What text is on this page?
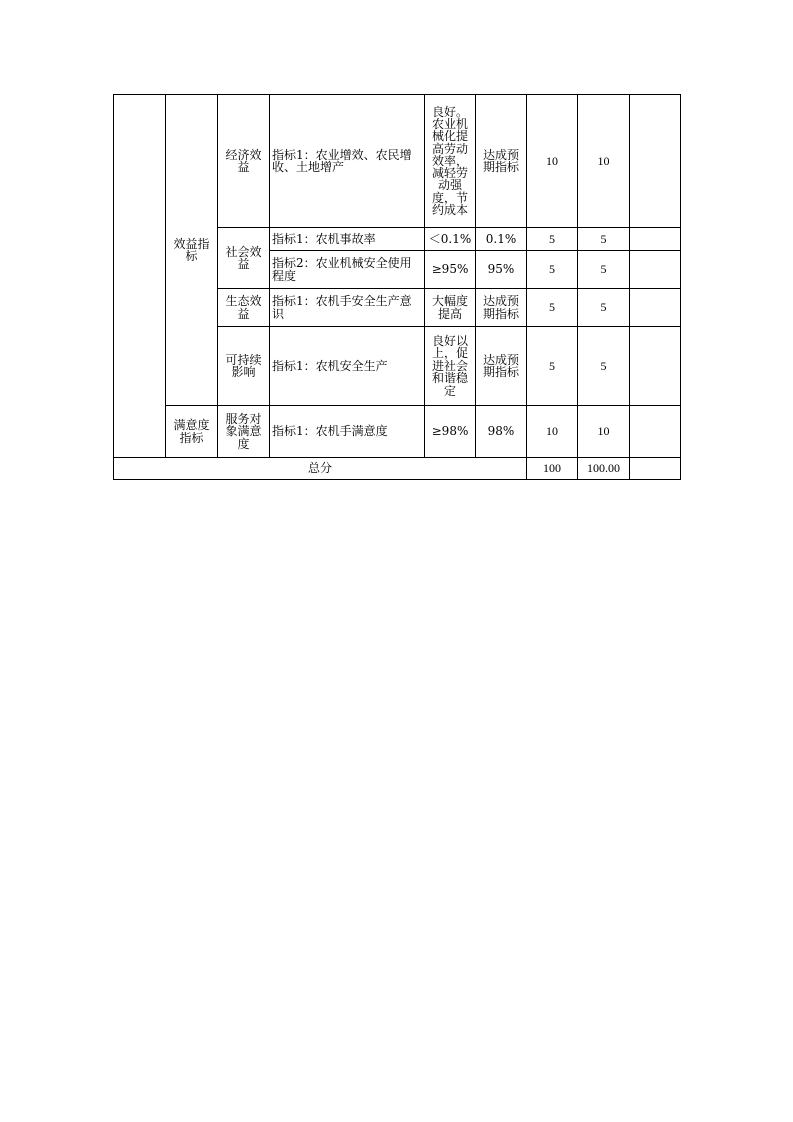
	效益指标	经济效益	指标1：农业增效、农民增收、土地增产	良好。农业机械化提高劳动效率，减轻劳动强度，节约成本	达成预期指标	10	10	
		社会效益	指标1：农机事故率	＜0.1%	0.1%	5	5	
			指标2：农业机械安全使用程度	≥95%	95%	5	5	
		生态效益	指标1：农机手安全生产意识	大幅度提高	达成预期指标	5	5	
		可持续影响	指标1：农机安全生产	良好以上，促进社会和谐稳定	达成预期指标	5	5	
	满意度指标	服务对象满意度	指标1：农机手满意度	≥98%	98%	10	10	
总分						100	100.00	
